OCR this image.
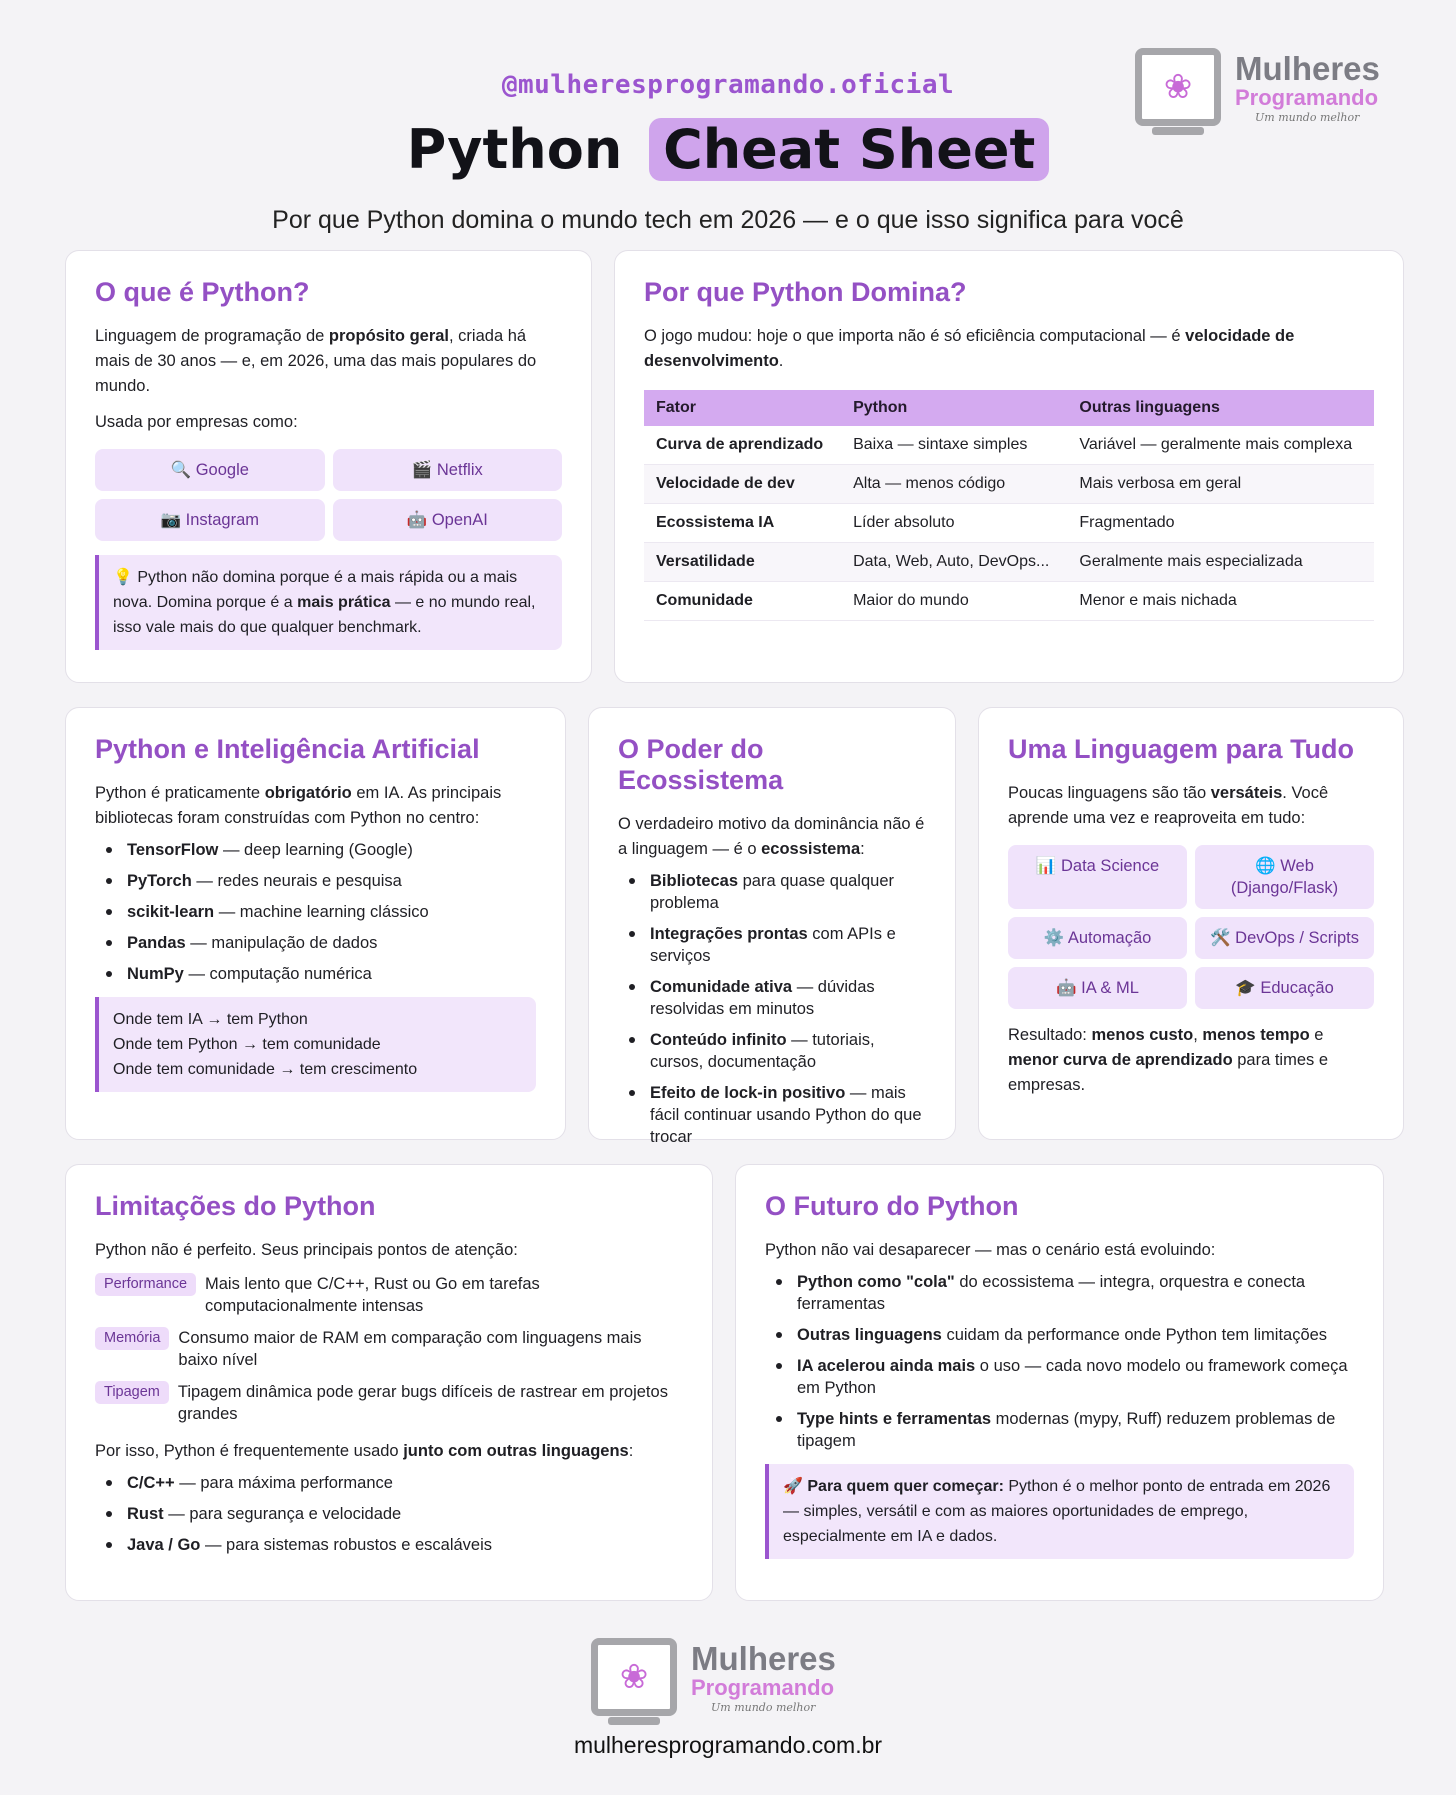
@mulheresprogramando.oficial
Python Cheat Sheet
Por que Python domina o mundo tech em 2026 — e o que isso significa para você
❀ Mulheres
Programando
Um mundo melhor
O que é Python?

Linguagem de programação de propósito geral, criada há mais de 30 anos — e, em 2026, uma das mais populares do mundo.

Usada por empresas como:

🔍 Google	🎬 Netflix
📷 Instagram	🤖 OpenAI
💡 Python não domina porque é a mais rápida ou a mais nova. Domina porque é a mais prática — e no mundo real, isso vale mais do que qualquer benchmark.
Por que Python Domina?

O jogo mudou: hoje o que importa não é só eficiência computacional — é velocidade de desenvolvimento.

Fator	Python	Outras linguagens
Curva de aprendizado	Baixa — sintaxe simples	Variável — geralmente mais complexa
Velocidade de dev	Alta — menos código	Mais verbosa em geral
Ecossistema IA	Líder absoluto	Fragmentado
Versatilidade	Data, Web, Auto, DevOps...	Geralmente mais especializada
Comunidade	Maior do mundo	Menor e mais nichada
Python e Inteligência Artificial

Python é praticamente obrigatório em IA. As principais bibliotecas foram construídas com Python no centro:

TensorFlow — deep learning (Google)
PyTorch — redes neurais e pesquisa
scikit-learn — machine learning clássico
Pandas — manipulação de dados
NumPy — computação numérica
Onde tem IA → tem Python
Onde tem Python → tem comunidade
Onde tem comunidade → tem crescimento
O Poder do Ecossistema

O verdadeiro motivo da dominância não é a linguagem — é o ecossistema:

Bibliotecas para quase qualquer problema
Integrações prontas com APIs e serviços
Comunidade ativa — dúvidas resolvidas em minutos
Conteúdo infinito — tutoriais, cursos, documentação
Efeito de lock-in positivo — mais fácil continuar usando Python do que trocar
Uma Linguagem para Tudo

Poucas linguagens são tão versáteis. Você aprende uma vez e reaproveita em tudo:

📊 Data Science	🌐 Web (Django/Flask)
⚙️ Automação	🛠️ DevOps / Scripts
🤖 IA & ML	🎓 Educação

Resultado: menos custo, menos tempo e menor curva de aprendizado para times e empresas.

Limitações do Python

Python não é perfeito. Seus principais pontos de atenção:

Performance	Mais lento que C/C++, Rust ou Go em tarefas computacionalmente intensas
Memória	Consumo maior de RAM em comparação com linguagens mais baixo nível
Tipagem	Tipagem dinâmica pode gerar bugs difíceis de rastrear em projetos grandes

Por isso, Python é frequentemente usado junto com outras linguagens:

C/C++ — para máxima performance
Rust — para segurança e velocidade
Java / Go — para sistemas robustos e escaláveis
O Futuro do Python

Python não vai desaparecer — mas o cenário está evoluindo:

Python como "cola" do ecossistema — integra, orquestra e conecta ferramentas
Outras linguagens cuidam da performance onde Python tem limitações
IA acelerou ainda mais o uso — cada novo modelo ou framework começa em Python
Type hints e ferramentas modernas (mypy, Ruff) reduzem problemas de tipagem
🚀 Para quem quer começar: Python é o melhor ponto de entrada em 2026 — simples, versátil e com as maiores oportunidades de emprego, especialmente em IA e dados.
❀ Mulheres
Programando
Um mundo melhor
mulheresprogramando.com.br
